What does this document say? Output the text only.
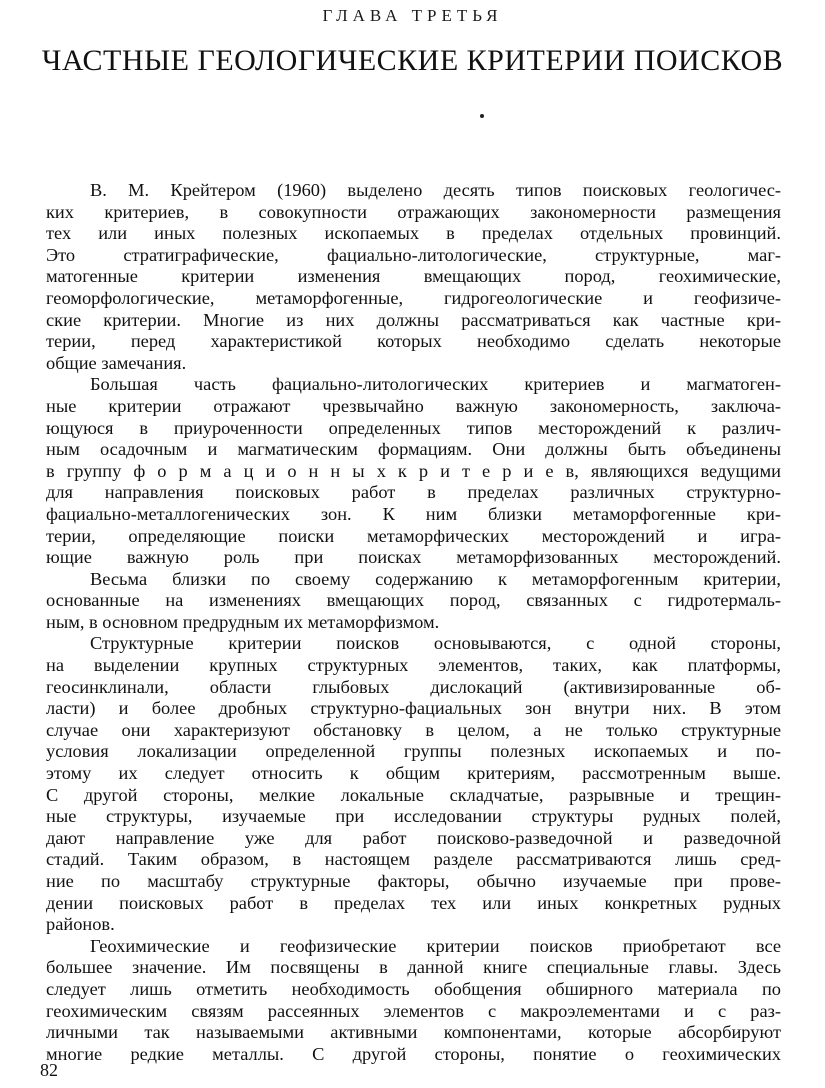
ГЛАВА ТРЕТЬЯ
ЧАСТНЫЕ ГЕОЛОГИЧЕСКИЕ КРИТЕРИИ ПОИСКОВ
В. М. Крейтером (1960) выделено десять типов поисковых геологичес-
ких критериев, в совокупности отражающих закономерности размещения
тех или иных полезных ископаемых в пределах отдельных провинций.
Это стратиграфические, фациально-литологические, структурные, маг-
матогенные критерии изменения вмещающих пород, геохимические,
геоморфологические, метаморфогенные, гидрогеологические и геофизиче-
ские критерии. Многие из них должны рассматриваться как частные кри-
терии, перед характеристикой которых необходимо сделать некоторые
общие замечания.
Большая часть фациально-литологических критериев и магматоген-
ные критерии отражают чрезвычайно важную закономерность, заключа-
ющуюся в приуроченности определенных типов месторождений к различ-
ным осадочным и магматическим формациям. Они должны быть объединены
в группу ф о р м а ц и о н н ы х к р и т е р и е в, являющихся ведущими
для направления поисковых работ в пределах различных структурно-
фациально-металлогенических зон. К ним близки метаморфогенные кри-
терии, определяющие поиски метаморфических месторождений и игра-
ющие важную роль при поисках метаморфизованных месторождений.
Весьма близки по своему содержанию к метаморфогенным критерии,
основанные на изменениях вмещающих пород, связанных с гидротермаль-
ным, в основном предрудным их метаморфизмом.
Структурные критерии поисков основываются, с одной стороны,
на выделении крупных структурных элементов, таких, как платформы,
геосинклинали, области глыбовых дислокаций (активизированные об-
ласти) и более дробных структурно-фациальных зон внутри них. В этом
случае они характеризуют обстановку в целом, а не только структурные
условия локализации определенной группы полезных ископаемых и по-
этому их следует относить к общим критериям, рассмотренным выше.
С другой стороны, мелкие локальные складчатые, разрывные и трещин-
ные структуры, изучаемые при исследовании структуры рудных полей,
дают направление уже для работ поисково-разведочной и разведочной
стадий. Таким образом, в настоящем разделе рассматриваются лишь сред-
ние по масштабу структурные факторы, обычно изучаемые при прове-
дении поисковых работ в пределах тех или иных конкретных рудных
районов.
Геохимические и геофизические критерии поисков приобретают все
большее значение. Им посвящены в данной книге специальные главы. Здесь
следует лишь отметить необходимость обобщения обширного материала по
геохимическим связям рассеянных элементов с макроэлементами и с раз-
личными так называемыми активными компонентами, которые абсорбируют
многие редкие металлы. С другой стороны, понятие о геохимических
82
